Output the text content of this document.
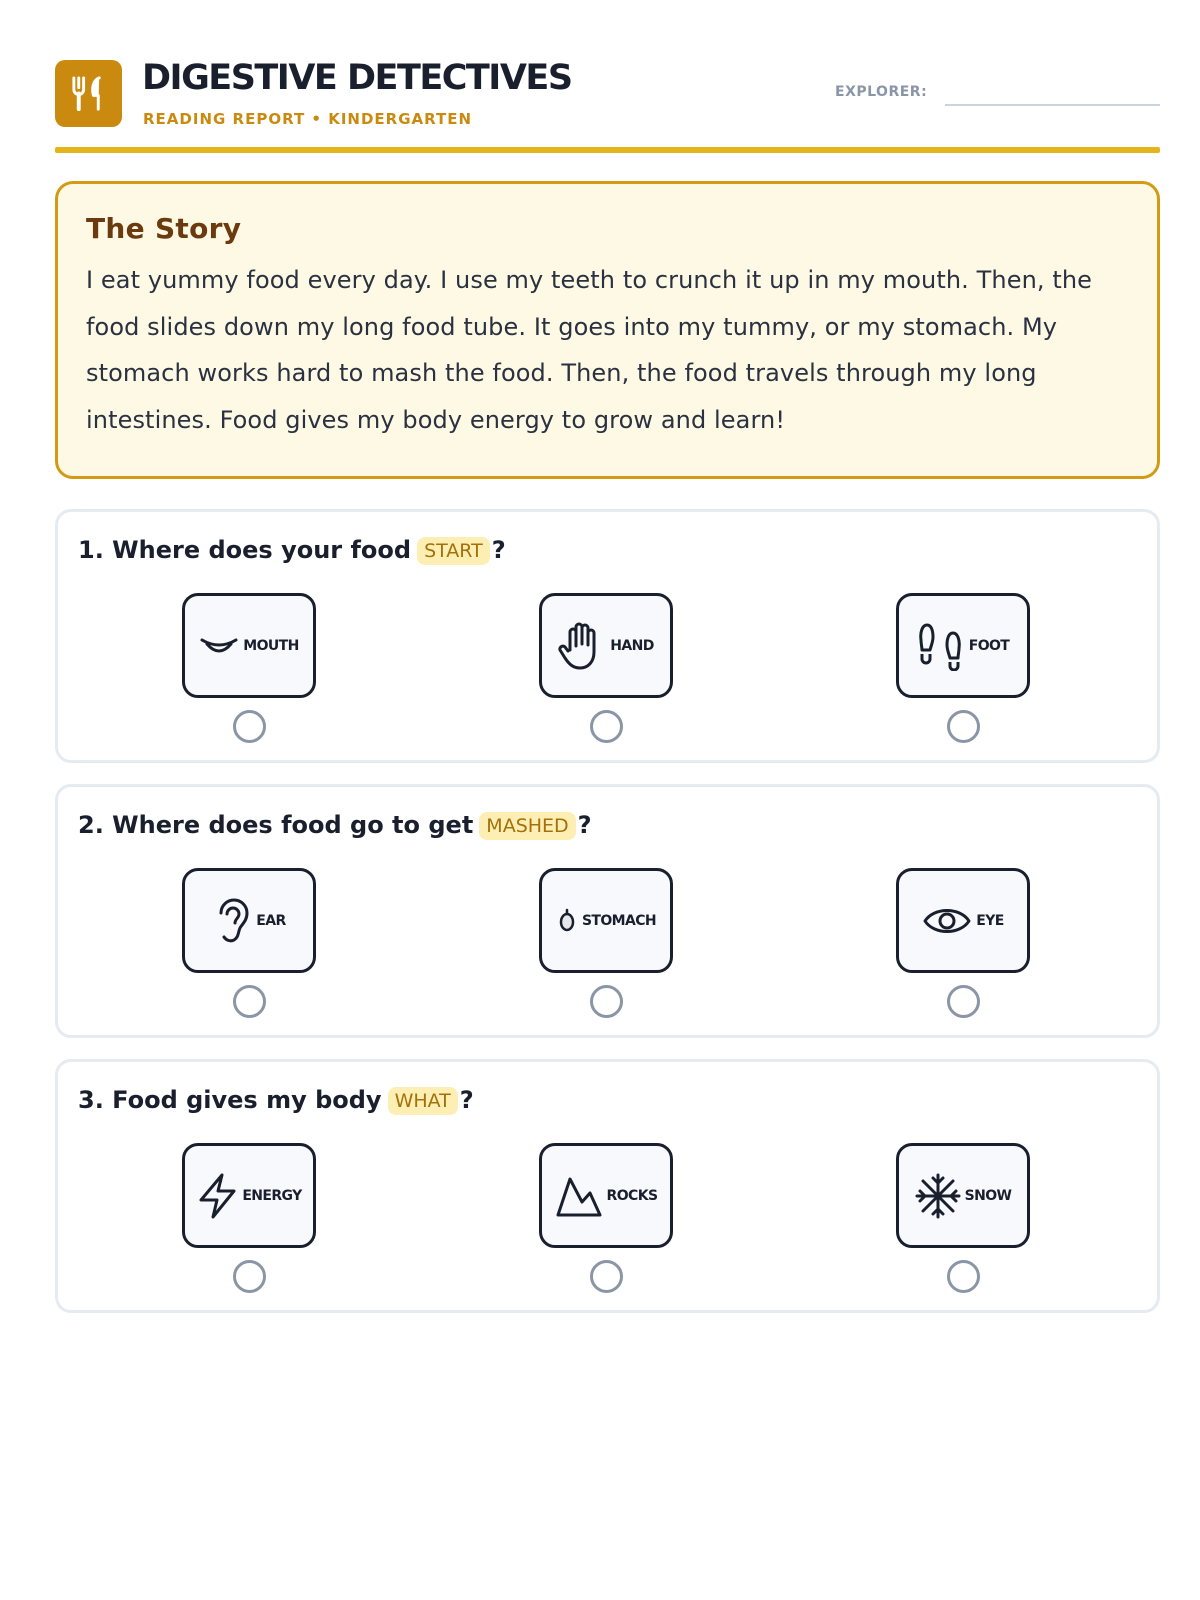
DIGESTIVE DETECTIVES
READING REPORT • KINDERGARTEN
EXPLORER:
The Story
I eat yummy food every day. I use my teeth to crunch it up in my mouth. Then, the food slides down my long food tube. It goes into my tummy, or my stomach. My stomach works hard to mash the food. Then, the food travels through my long intestines. Food gives my body energy to grow and learn!
1. Where does your food START ?
MOUTH	HAND	FOOT
2. Where does food go to get MASHED ?
EAR	STOMACH	EYE
3. Food gives my body WHAT ?
ENERGY	ROCKS	SNOW
